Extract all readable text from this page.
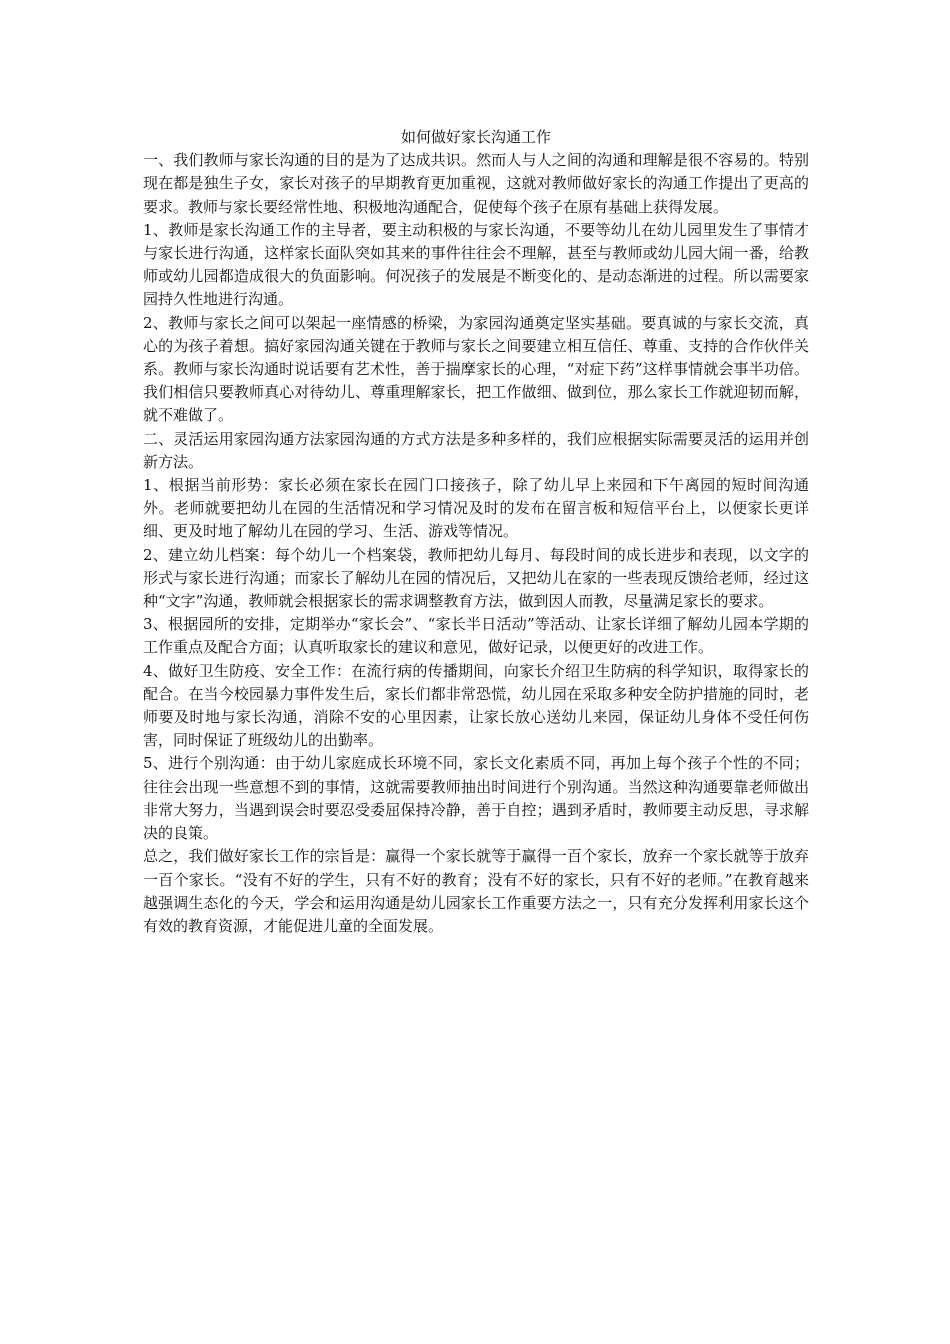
如何做好家长沟通工作

一、我们教师与家长沟通的目的是为了达成共识。然而人与人之间的沟通和理解是很不容易的。特别现在都是独生子女，家长对孩子的早期教育更加重视，这就对教师做好家长的沟通工作提出了更高的要求。教师与家长要经常性地、积极地沟通配合，促使每个孩子在原有基础上获得发展。

1、教师是家长沟通工作的主导者，要主动积极的与家长沟通，不要等幼儿在幼儿园里发生了事情才与家长进行沟通，这样家长面队突如其来的事件往往会不理解，甚至与教师或幼儿园大闹一番，给教师或幼儿园都造成很大的负面影响。何况孩子的发展是不断变化的、是动态渐进的过程。所以需要家园持久性地进行沟通。

2、教师与家长之间可以架起一座情感的桥梁，为家园沟通奠定坚实基础。要真诚的与家长交流，真心的为孩子着想。搞好家园沟通关键在于教师与家长之间要建立相互信任、尊重、支持的合作伙伴关系。教师与家长沟通时说话要有艺术性，善于揣摩家长的心理，“对症下药”这样事情就会事半功倍。我们相信只要教师真心对待幼儿、尊重理解家长，把工作做细、做到位，那么家长工作就迎韧而解，就不难做了。

二、灵活运用家园沟通方法家园沟通的方式方法是多种多样的，我们应根据实际需要灵活的运用并创新方法。

1、根据当前形势：家长必须在家长在园门口接孩子，除了幼儿早上来园和下午离园的短时间沟通外。老师就要把幼儿在园的生活情况和学习情况及时的发布在留言板和短信平台上，以便家长更详细、更及时地了解幼儿在园的学习、生活、游戏等情况。

2、建立幼儿档案：每个幼儿一个档案袋，教师把幼儿每月、每段时间的成长进步和表现，以文字的形式与家长进行沟通；而家长了解幼儿在园的情况后，又把幼儿在家的一些表现反馈给老师，经过这种“文字”沟通，教师就会根据家长的需求调整教育方法，做到因人而教，尽量满足家长的要求。

3、根据园所的安排，定期举办“家长会”、“家长半日活动”等活动、让家长详细了解幼儿园本学期的工作重点及配合方面；认真听取家长的建议和意见，做好记录，以便更好的改进工作。

4、做好卫生防疫、安全工作：在流行病的传播期间，向家长介绍卫生防病的科学知识，取得家长的配合。在当今校园暴力事件发生后，家长们都非常恐慌，幼儿园在采取多种安全防护措施的同时，老师要及时地与家长沟通，消除不安的心里因素，让家长放心送幼儿来园，保证幼儿身体不受任何伤害，同时保证了班级幼儿的出勤率。

5、进行个别沟通：由于幼儿家庭成长环境不同，家长文化素质不同，再加上每个孩子个性的不同；往往会出现一些意想不到的事情，这就需要教师抽出时间进行个别沟通。当然这种沟通要靠老师做出非常大努力，当遇到误会时要忍受委屈保持冷静，善于自控；遇到矛盾时，教师要主动反思，寻求解决的良策。

总之，我们做好家长工作的宗旨是：赢得一个家长就等于赢得一百个家长，放弃一个家长就等于放弃一百个家长。“没有不好的学生，只有不好的教育；没有不好的家长，只有不好的老师。”在教育越来越强调生态化的今天，学会和运用沟通是幼儿园家长工作重要方法之一，只有充分发挥利用家长这个有效的教育资源，才能促进儿童的全面发展。
